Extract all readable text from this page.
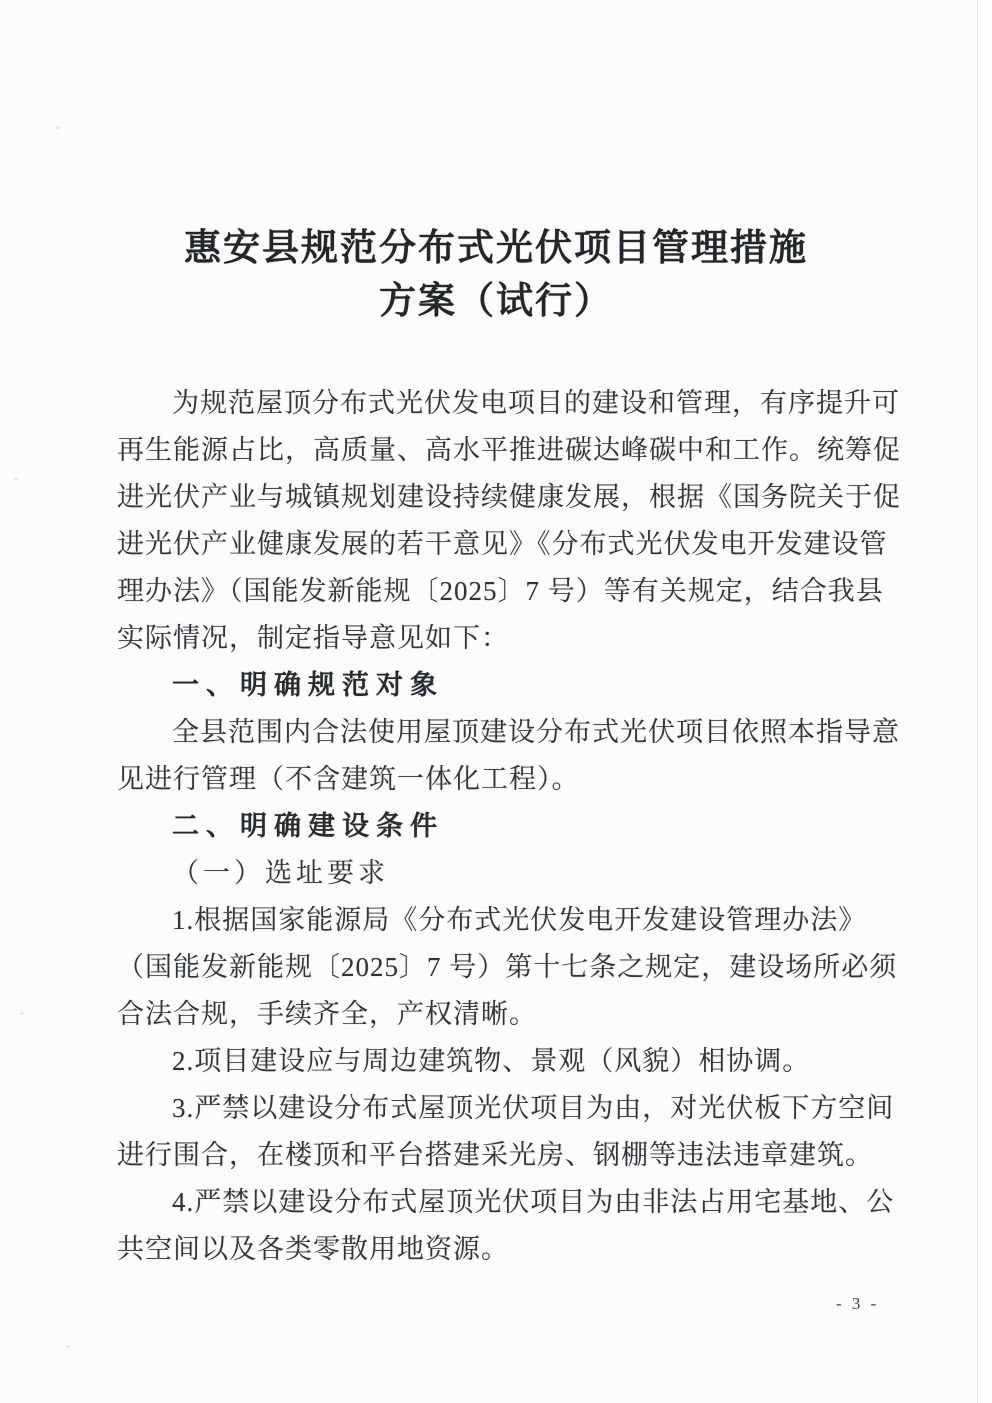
惠安县规范分布式光伏项目管理措施
方案（试行）
为规范屋顶分布式光伏发电项目的建设和管理，有序提升可
再生能源占比，高质量、高水平推进碳达峰碳中和工作。统筹促
进光伏产业与城镇规划建设持续健康发展，根据《国务院关于促
进光伏产业健康发展的若干意见》《分布式光伏发电开发建设管
理办法》（国能发新能规〔2025〕7 号）等有关规定，结合我县
实际情况，制定指导意见如下：
一、明确规范对象
全县范围内合法使用屋顶建设分布式光伏项目依照本指导意
见进行管理（不含建筑一体化工程）。
二、明确建设条件
（一）选址要求
1.根据国家能源局《分布式光伏发电开发建设管理办法》
（国能发新能规〔2025〕7 号）第十七条之规定，建设场所必须
合法合规，手续齐全，产权清晰。
2.项目建设应与周边建筑物、景观（风貌）相协调。
3.严禁以建设分布式屋顶光伏项目为由，对光伏板下方空间
进行围合，在楼顶和平台搭建采光房、钢棚等违法违章建筑。
4.严禁以建设分布式屋顶光伏项目为由非法占用宅基地、公
共空间以及各类零散用地资源。
- 3 -
